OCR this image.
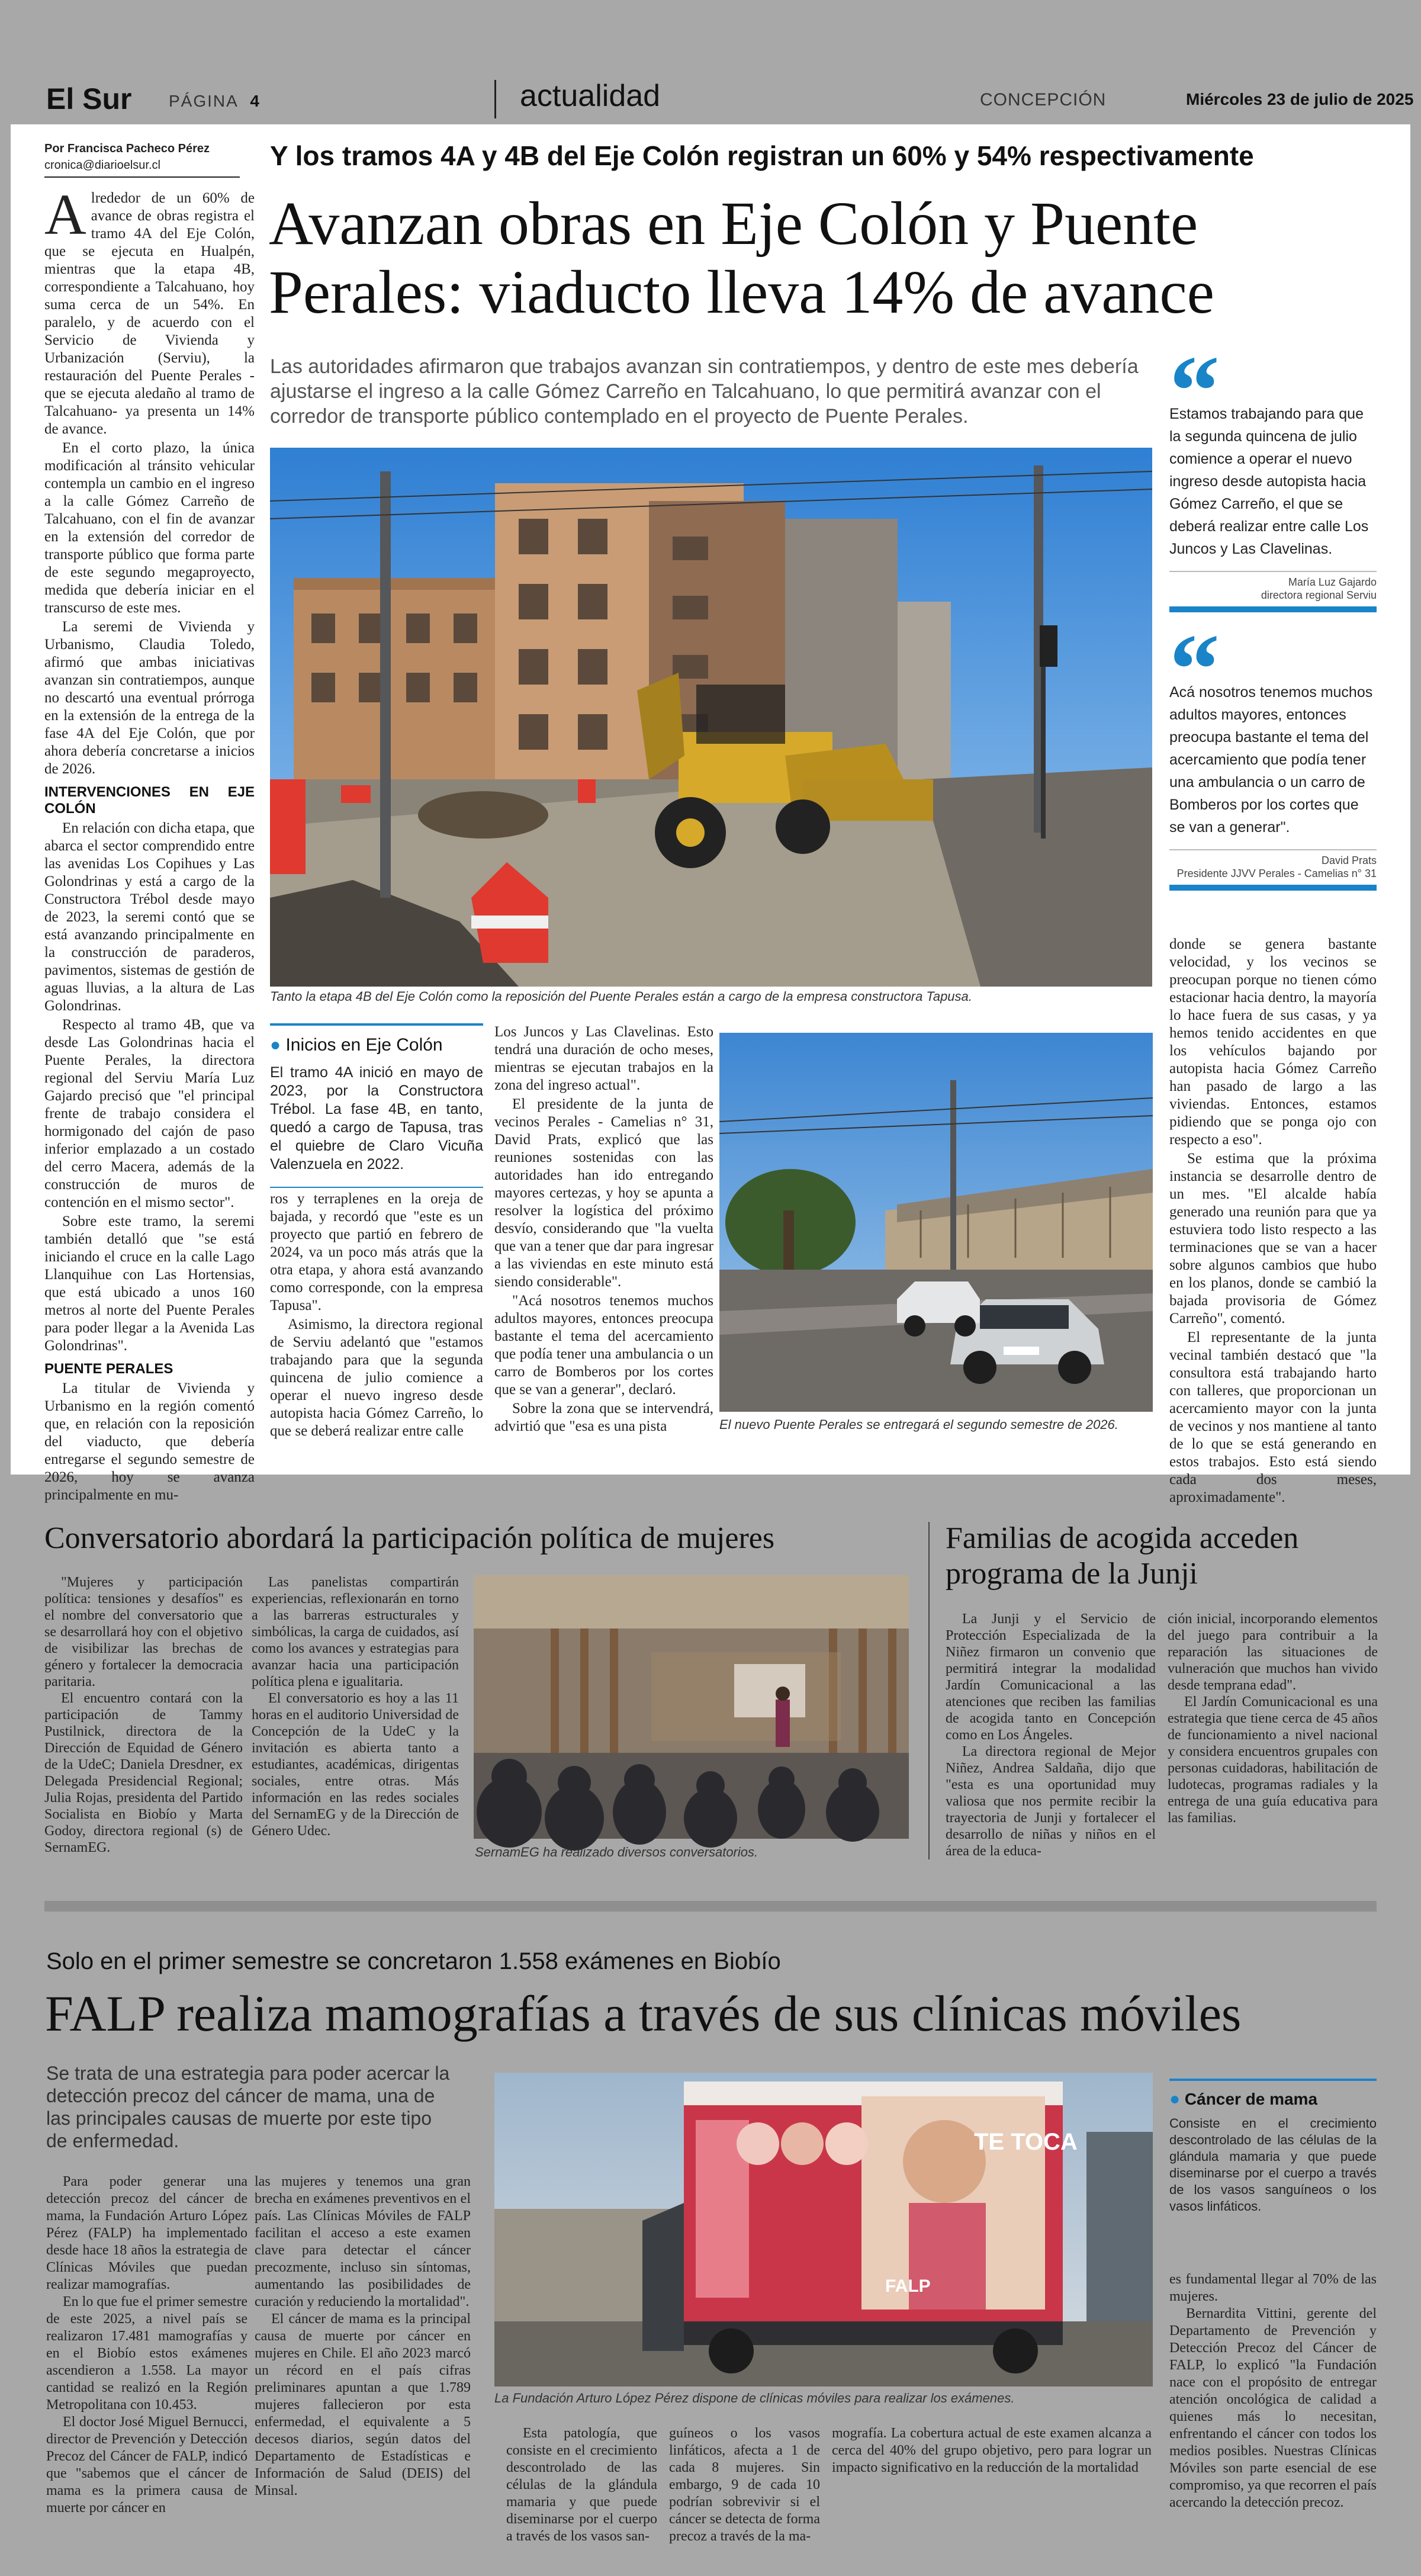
El Sur PÁGINA 4	actualidad	CONCEPCIÓN	Miércoles 23 de julio de 2025
Por Francisca Pacheco Pérez
cronica@diarioelsur.cl

Alrededor de un 60% de avance de obras registra el tramo 4A del Eje Colón, que se ejecuta en Hualpén, mientras que la etapa 4B, correspondiente a Talcahuano, hoy suma cerca de un 54%. En paralelo, y de acuerdo con el Servicio de Vivienda y Urbanización (Serviu), la restauración del Puente Perales -que se ejecuta aledaño al tramo de Talcahuano- ya presenta un 14% de avance.

En el corto plazo, la única modificación al tránsito vehicular contempla un cambio en el ingreso a la calle Gómez Carreño de Talcahuano, con el fin de avanzar en la extensión del corredor de transporte público que forma parte de este segundo megaproyecto, medida que debería iniciar en el transcurso de este mes.

La seremi de Vivienda y Urbanismo, Claudia Toledo, afirmó que ambas iniciativas avanzan sin contratiempos, aunque no descartó una eventual prórroga en la extensión de la entrega de la fase 4A del Eje Colón, que por ahora debería concretarse a inicios de 2026.

INTERVENCIONES EN EJE COLÓN

En relación con dicha etapa, que abarca el sector comprendido entre las avenidas Los Copihues y Las Golondrinas y está a cargo de la Constructora Trébol desde mayo de 2023, la seremi contó que se está avanzando principalmente en la construcción de paraderos, pavimentos, sistemas de gestión de aguas lluvias, a la altura de Las Golondrinas.

Respecto al tramo 4B, que va desde Las Golondrinas hacia el Puente Perales, la directora regional del Serviu María Luz Gajardo precisó que "el principal frente de trabajo considera el hormigonado del cajón de paso inferior emplazado a un costado del cerro Macera, además de la construcción de muros de contención en el mismo sector".

Sobre este tramo, la seremi también detalló que "se está iniciando el cruce en la calle Lago Llanquihue con Las Hortensias, que está ubicado a unos 160 metros al norte del Puente Perales para poder llegar a la Avenida Las Golondrinas".

PUENTE PERALES

La titular de Vivienda y Urbanismo en la región comentó que, en relación con la reposición del viaducto, que debería entregarse el segundo semestre de 2026, hoy se avanza principalmente en mu-

Y los tramos 4A y 4B del Eje Colón registran un 60% y 54% respectivamente
Avanzan obras en Eje Colón y Puente Perales: viaducto lleva 14% de avance
Las autoridades afirmaron que trabajos avanzan sin contratiempos, y dentro de este mes debería ajustarse el ingreso a la calle Gómez Carreño en Talcahuano, lo que permitirá avanzar con el corredor de transporte público contemplado en el proyecto de Puente Perales.
Tanto la etapa 4B del Eje Colón como la reposición del Puente Perales están a cargo de la empresa constructora Tapusa.
● Inicios en Eje Colón
El tramo 4A inició en mayo de 2023, por la Constructora Trébol. La fase 4B, en tanto, quedó a cargo de Tapusa, tras el quiebre de Claro Vicuña Valenzuela en 2022.

ros y terraplenes en la oreja de bajada, y recordó que "este es un proyecto que partió en febrero de 2024, va un poco más atrás que la otra etapa, y ahora está avanzando como corresponde, con la empresa Tapusa".

Asimismo, la directora regional de Serviu adelantó que "estamos trabajando para que la segunda quincena de julio comience a operar el nuevo ingreso desde autopista hacia Gómez Carreño, lo que se deberá realizar entre calle

Los Juncos y Las Clavelinas. Esto tendrá una duración de ocho meses, mientras se ejecutan trabajos en la zona del ingreso actual".

El presidente de la junta de vecinos Perales - Camelias n° 31, David Prats, explicó que las reuniones sostenidas con las autoridades han ido entregando mayores certezas, y hoy se apunta a resolver la logística del próximo desvío, considerando que "la vuelta que van a tener que dar para ingresar a las viviendas en este minuto está siendo considerable".

"Acá nosotros tenemos muchos adultos mayores, entonces preocupa bastante el tema del acercamiento que podía tener una ambulancia o un carro de Bomberos por los cortes que se van a generar", declaró.

Sobre la zona que se intervendrá, advirtió que "esa es una pista	El nuevo Puente Perales se entregará el segundo semestre de 2026.
“
Estamos trabajando para que la segunda quincena de julio comience a operar el nuevo ingreso desde autopista hacia Gómez Carreño, el que se deberá realizar entre calle Los Juncos y Las Clavelinas.
María Luz Gajardo
directora regional Serviu
“
Acá nosotros tenemos muchos adultos mayores, entonces preocupa bastante el tema del acercamiento que podía tener una ambulancia o un carro de Bomberos por los cortes que se van a generar".
David Prats
Presidente JJVV Perales - Camelias n° 31

donde se genera bastante velocidad, y los vecinos se preocupan porque no tienen cómo estacionar hacia dentro, la mayoría lo hace fuera de sus casas, y ya hemos tenido accidentes en que los vehículos bajando por autopista hacia Gómez Carreño han pasado de largo a las viviendas. Entonces, estamos pidiendo que se ponga ojo con respecto a eso".

Se estima que la próxima instancia se desarrolle dentro de un mes. "El alcalde había generado una reunión para que ya estuviera todo listo respecto a las terminaciones que se van a hacer sobre algunos cambios que hubo en los planos, donde se cambió la bajada provisoria de Gómez Carreño", comentó.

El representante de la junta vecinal también destacó que "la consultora está trabajando harto con talleres, que proporcionan un acercamiento mayor con la junta de vecinos y nos mantiene al tanto de lo que se está generando en estos trabajos. Esto está siendo cada dos meses, aproximadamente".

Conversatorio abordará la participación política de mujeres

"Mujeres y participación política: tensiones y desafíos" es el nombre del conversatorio que se desarrollará hoy con el objetivo de visibilizar las brechas de género y fortalecer la democracia paritaria.

El encuentro contará con la participación de Tammy Pustilnick, directora de la Dirección de Equidad de Género de la UdeC; Daniela Dresdner, ex Delegada Presidencial Regional; Julia Rojas, presidenta del Partido Socialista en Biobío y Marta Godoy, directora regional (s) de SernamEG.

Las panelistas compartirán experiencias, reflexionarán en torno a las barreras estructurales y simbólicas, la carga de cuidados, así como los avances y estrategias para avanzar hacia una participación política plena e igualitaria.

El conversatorio es hoy a las 11 horas en el auditorio Universidad de Concepción de la UdeC y la invitación es abierta tanto a estudiantes, académicas, dirigentas sociales, entre otras. Más información en las redes sociales del SernamEG y de la Dirección de Género Udec.

SernamEG ha realizado diversos conversatorios.
Familias de acogida acceden programa de la Junji

La Junji y el Servicio de Protección Especializada de la Niñez firmaron un convenio que permitirá integrar la modalidad Jardín Comunicacional a las atenciones que reciben las familias de acogida tanto en Concepción como en Los Ángeles.

La directora regional de Mejor Niñez, Andrea Saldaña, dijo que "esta es una oportunidad muy valiosa que nos permite recibir la trayectoria de Junji y fortalecer el desarrollo de niñas y niños en el área de la educa-

ción inicial, incorporando elementos del juego para contribuir a la reparación las situaciones de vulneración que muchos han vivido desde temprana edad".

El Jardín Comunicacional es una estrategia que tiene cerca de 45 años de funcionamiento a nivel nacional y considera encuentros grupales con personas cuidadoras, habilitación de ludotecas, programas radiales y la entrega de una guía educativa para las familias.

Solo en el primer semestre se concretaron 1.558 exámenes en Biobío
FALP realiza mamografías a través de sus clínicas móviles
Se trata de una estrategia para poder acercar la detección precoz del cáncer de mama, una de las principales causas de muerte por este tipo de enfermedad.

Para poder generar una detección precoz del cáncer de mama, la Fundación Arturo López Pérez (FALP) ha implementado desde hace 18 años la estrategia de Clínicas Móviles que puedan realizar mamografías.

En lo que fue el primer semestre de este 2025, a nivel país se realizaron 17.481 mamografías y en el Biobío estos exámenes ascendieron a 1.558. La mayor cantidad se realizó en la Región Metropolitana con 10.453.

El doctor José Miguel Bernucci, director de Prevención y Detección Precoz del Cáncer de FALP, indicó que "sabemos que el cáncer de mama es la primera causa de muerte por cáncer en

las mujeres y tenemos una gran brecha en exámenes preventivos en el país. Las Clínicas Móviles de FALP facilitan el acceso a este examen clave para detectar el cáncer precozmente, incluso sin síntomas, aumentando las posibilidades de curación y reduciendo la mortalidad".

El cáncer de mama es la principal causa de muerte por cáncer en mujeres en Chile. El año 2023 marcó un récord en el país cifras preliminares apuntan a que 1.789 mujeres fallecieron por esta enfermedad, el equivalente a 5 decesos diarios, según datos del Departamento de Estadísticas e Información de Salud (DEIS) del Minsal.

TE TOCA
FALP
La Fundación Arturo López Pérez dispone de clínicas móviles para realizar los exámenes.
● Cáncer de mama
Consiste en el crecimiento descontrolado de las células de la glándula mamaria y que puede diseminarse por el cuerpo a través de los vasos sanguíneos o los vasos linfáticos.

Esta patología, que consiste en el crecimiento descontrolado de las células de la glándula mamaria y que puede diseminarse por el cuerpo a través de los vasos san-

guíneos o los vasos linfáticos, afecta a 1 de cada 8 mujeres. Sin embargo, 9 de cada 10 podrían sobrevivir si el cáncer se detecta de forma precoz a través de la ma-

mografía. La cobertura actual de este examen alcanza a cerca del 40% del grupo objetivo, pero para lograr un impacto significativo en la reducción de la mortalidad

es fundamental llegar al 70% de las mujeres.

Bernardita Vittini, gerente del Departamento de Prevención y Detección Precoz del Cáncer de FALP, lo explicó "la Fundación nace con el propósito de entregar atención oncológica de calidad a quienes más lo necesitan, enfrentando el cáncer con todos los medios posibles. Nuestras Clínicas Móviles son parte esencial de ese compromiso, ya que recorren el país acercando la detección precoz.
